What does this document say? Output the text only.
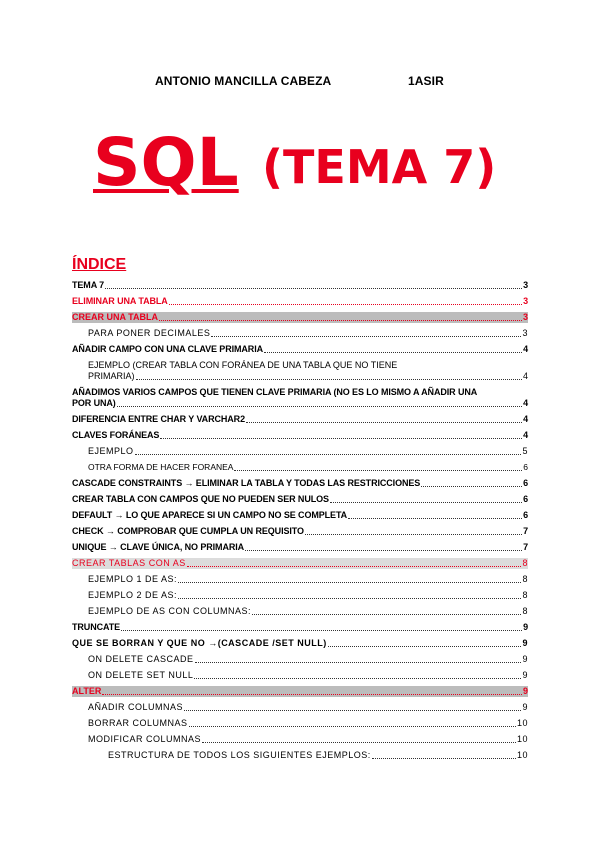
ANTONIO MANCILLA CABEZA	1ASIR
SQL (TEMA 7)
ÍNDICE
TEMA 7	3
ELIMINAR UNA TABLA	3
CREAR UNA TABLA	3
PARA PONER DECIMALES	3
AÑADIR CAMPO CON UNA CLAVE PRIMARIA	4
EJEMPLO (CREAR TABLA CON FORÁNEA DE UNA TABLA QUE NO TIENE
PRIMARIA)	4
AÑADIMOS VARIOS CAMPOS QUE TIENEN CLAVE PRIMARIA (NO ES LO MISMO A AÑADIR UNA
POR UNA)	4
DIFERENCIA ENTRE CHAR Y VARCHAR2	4
CLAVES FORÁNEAS	4
EJEMPLO	5
OTRA FORMA DE HACER FORANEA	6
CASCADE CONSTRAINTS → ELIMINAR LA TABLA Y TODAS LAS RESTRICCIONES	6
CREAR TABLA CON CAMPOS QUE NO PUEDEN SER NULOS	6
DEFAULT → LO QUE APARECE SI UN CAMPO NO SE COMPLETA	6
CHECK → COMPROBAR QUE CUMPLA UN REQUISITO	7
UNIQUE → CLAVE ÚNICA, NO PRIMARIA	7
CREAR TABLAS CON AS	8
EJEMPLO 1 DE AS:	8
EJEMPLO 2 DE AS:	8
EJEMPLO DE AS CON COLUMNAS:	8
TRUNCATE	9
QUE SE BORRAN Y QUE NO →(CASCADE /SET NULL)	9
ON DELETE CASCADE	9
ON DELETE SET NULL	9
ALTER	9
AÑADIR COLUMNAS	9
BORRAR COLUMNAS	10
MODIFICAR COLUMNAS	10
ESTRUCTURA DE TODOS LOS SIGUIENTES EJEMPLOS:	10
